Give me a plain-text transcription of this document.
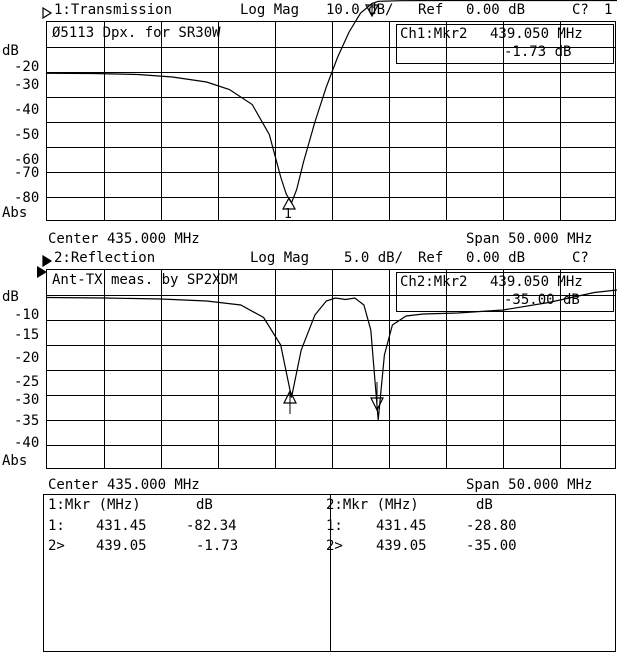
1:Transmission	Log Mag 10.0 dB/ Ref 0.00 dB	C? 1
Ø5113 Dpx. for SR30W
dB
-20
-30
-40
-50
-60
-70
-80
Abs
Ch1:Mkr2 439.050 MHz
-1.73 dB
1
Center 435.000 MHz	Span 50.000 MHz
2:Reflection	Log Mag 5.0 dB/ Ref 0.00 dB	C?
Ant-TX meas. by SP2XDM
dB
-10
-15
-20
-25
-30
-35
-40
Abs
Ch2:Mkr2 439.050 MHz
-35.00 dB
Center 435.000 MHz	Span 50.000 MHz
1:Mkr (MHz)	dB
1: 431.45	-82.34
2> 439.05	-1.73
2:Mkr (MHz)	dB
1: 431.45	-28.80
2> 439.05	-35.00
